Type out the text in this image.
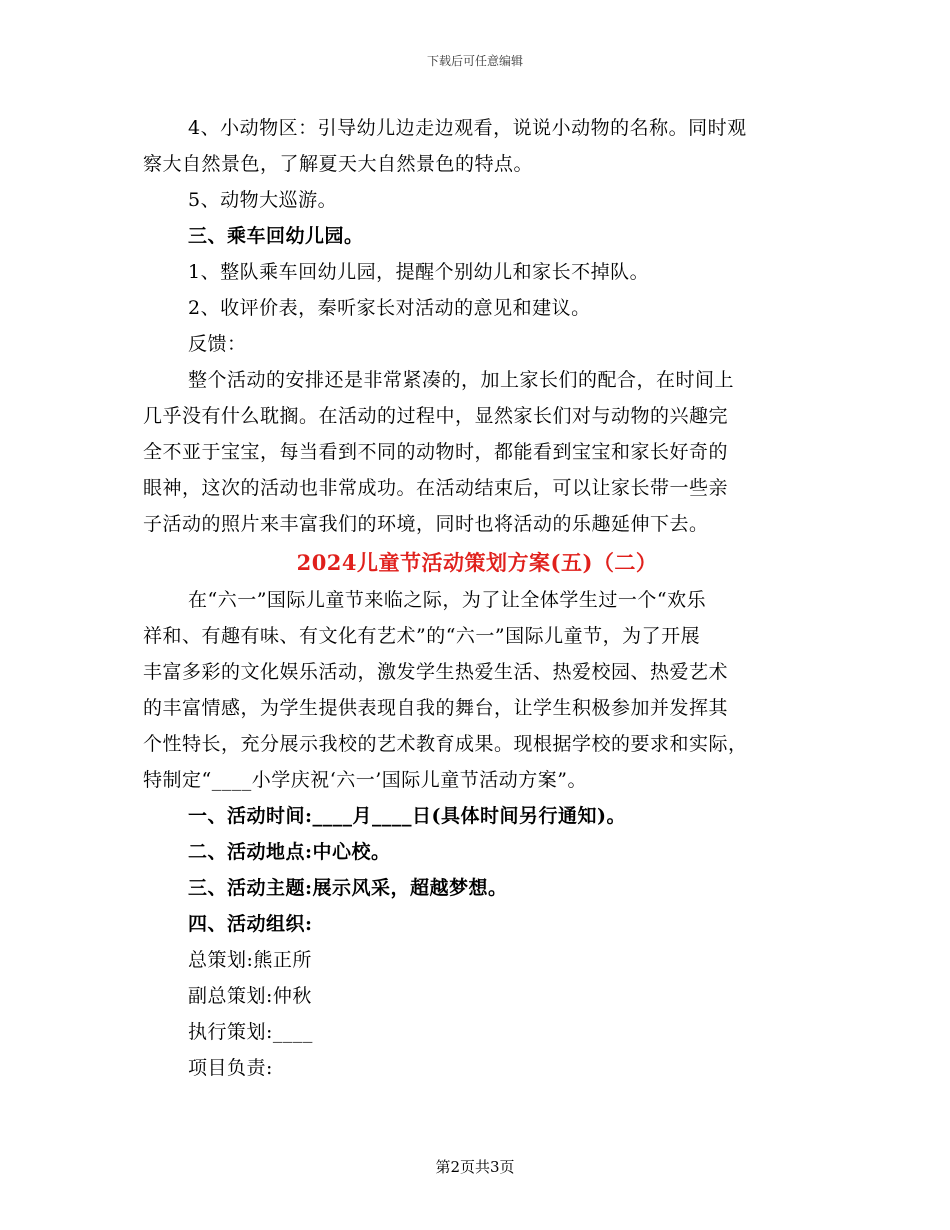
下载后可任意编辑
4、小动物区：引导幼儿边走边观看，说说小动物的名称。同时观
察大自然景色，了解夏天大自然景色的特点。
5、动物大巡游。
三、乘车回幼儿园。
1、整队乘车回幼儿园，提醒个别幼儿和家长不掉队。
2、收评价表，秦听家长对活动的意见和建议。
反馈：
整个活动的安排还是非常紧凑的，加上家长们的配合，在时间上
几乎没有什么耽搁。在活动的过程中，显然家长们对与动物的兴趣完
全不亚于宝宝，每当看到不同的动物时，都能看到宝宝和家长好奇的
眼神，这次的活动也非常成功。在活动结束后，可以让家长带一些亲
子活动的照片来丰富我们的环境，同时也将活动的乐趣延伸下去。
2024儿童节活动策划方案(五)（二）
在“六一”国际儿童节来临之际，为了让全体学生过一个“欢乐
祥和、有趣有味、有文化有艺术”的“六一”国际儿童节，为了开展
丰富多彩的文化娱乐活动，激发学生热爱生活、热爱校园、热爱艺术
的丰富情感，为学生提供表现自我的舞台，让学生积极参加并发挥其
个性特长，充分展示我校的艺术教育成果。现根据学校的要求和实际，
特制定“____小学庆祝‘六一’国际儿童节活动方案”。
一、活动时间:____月____日(具体时间另行通知)。
二、活动地点:中心校。
三、活动主题:展示风采，超越梦想。
四、活动组织:
总策划:熊正所
副总策划:仲秋
执行策划:____
项目负责:
第2页共3页
